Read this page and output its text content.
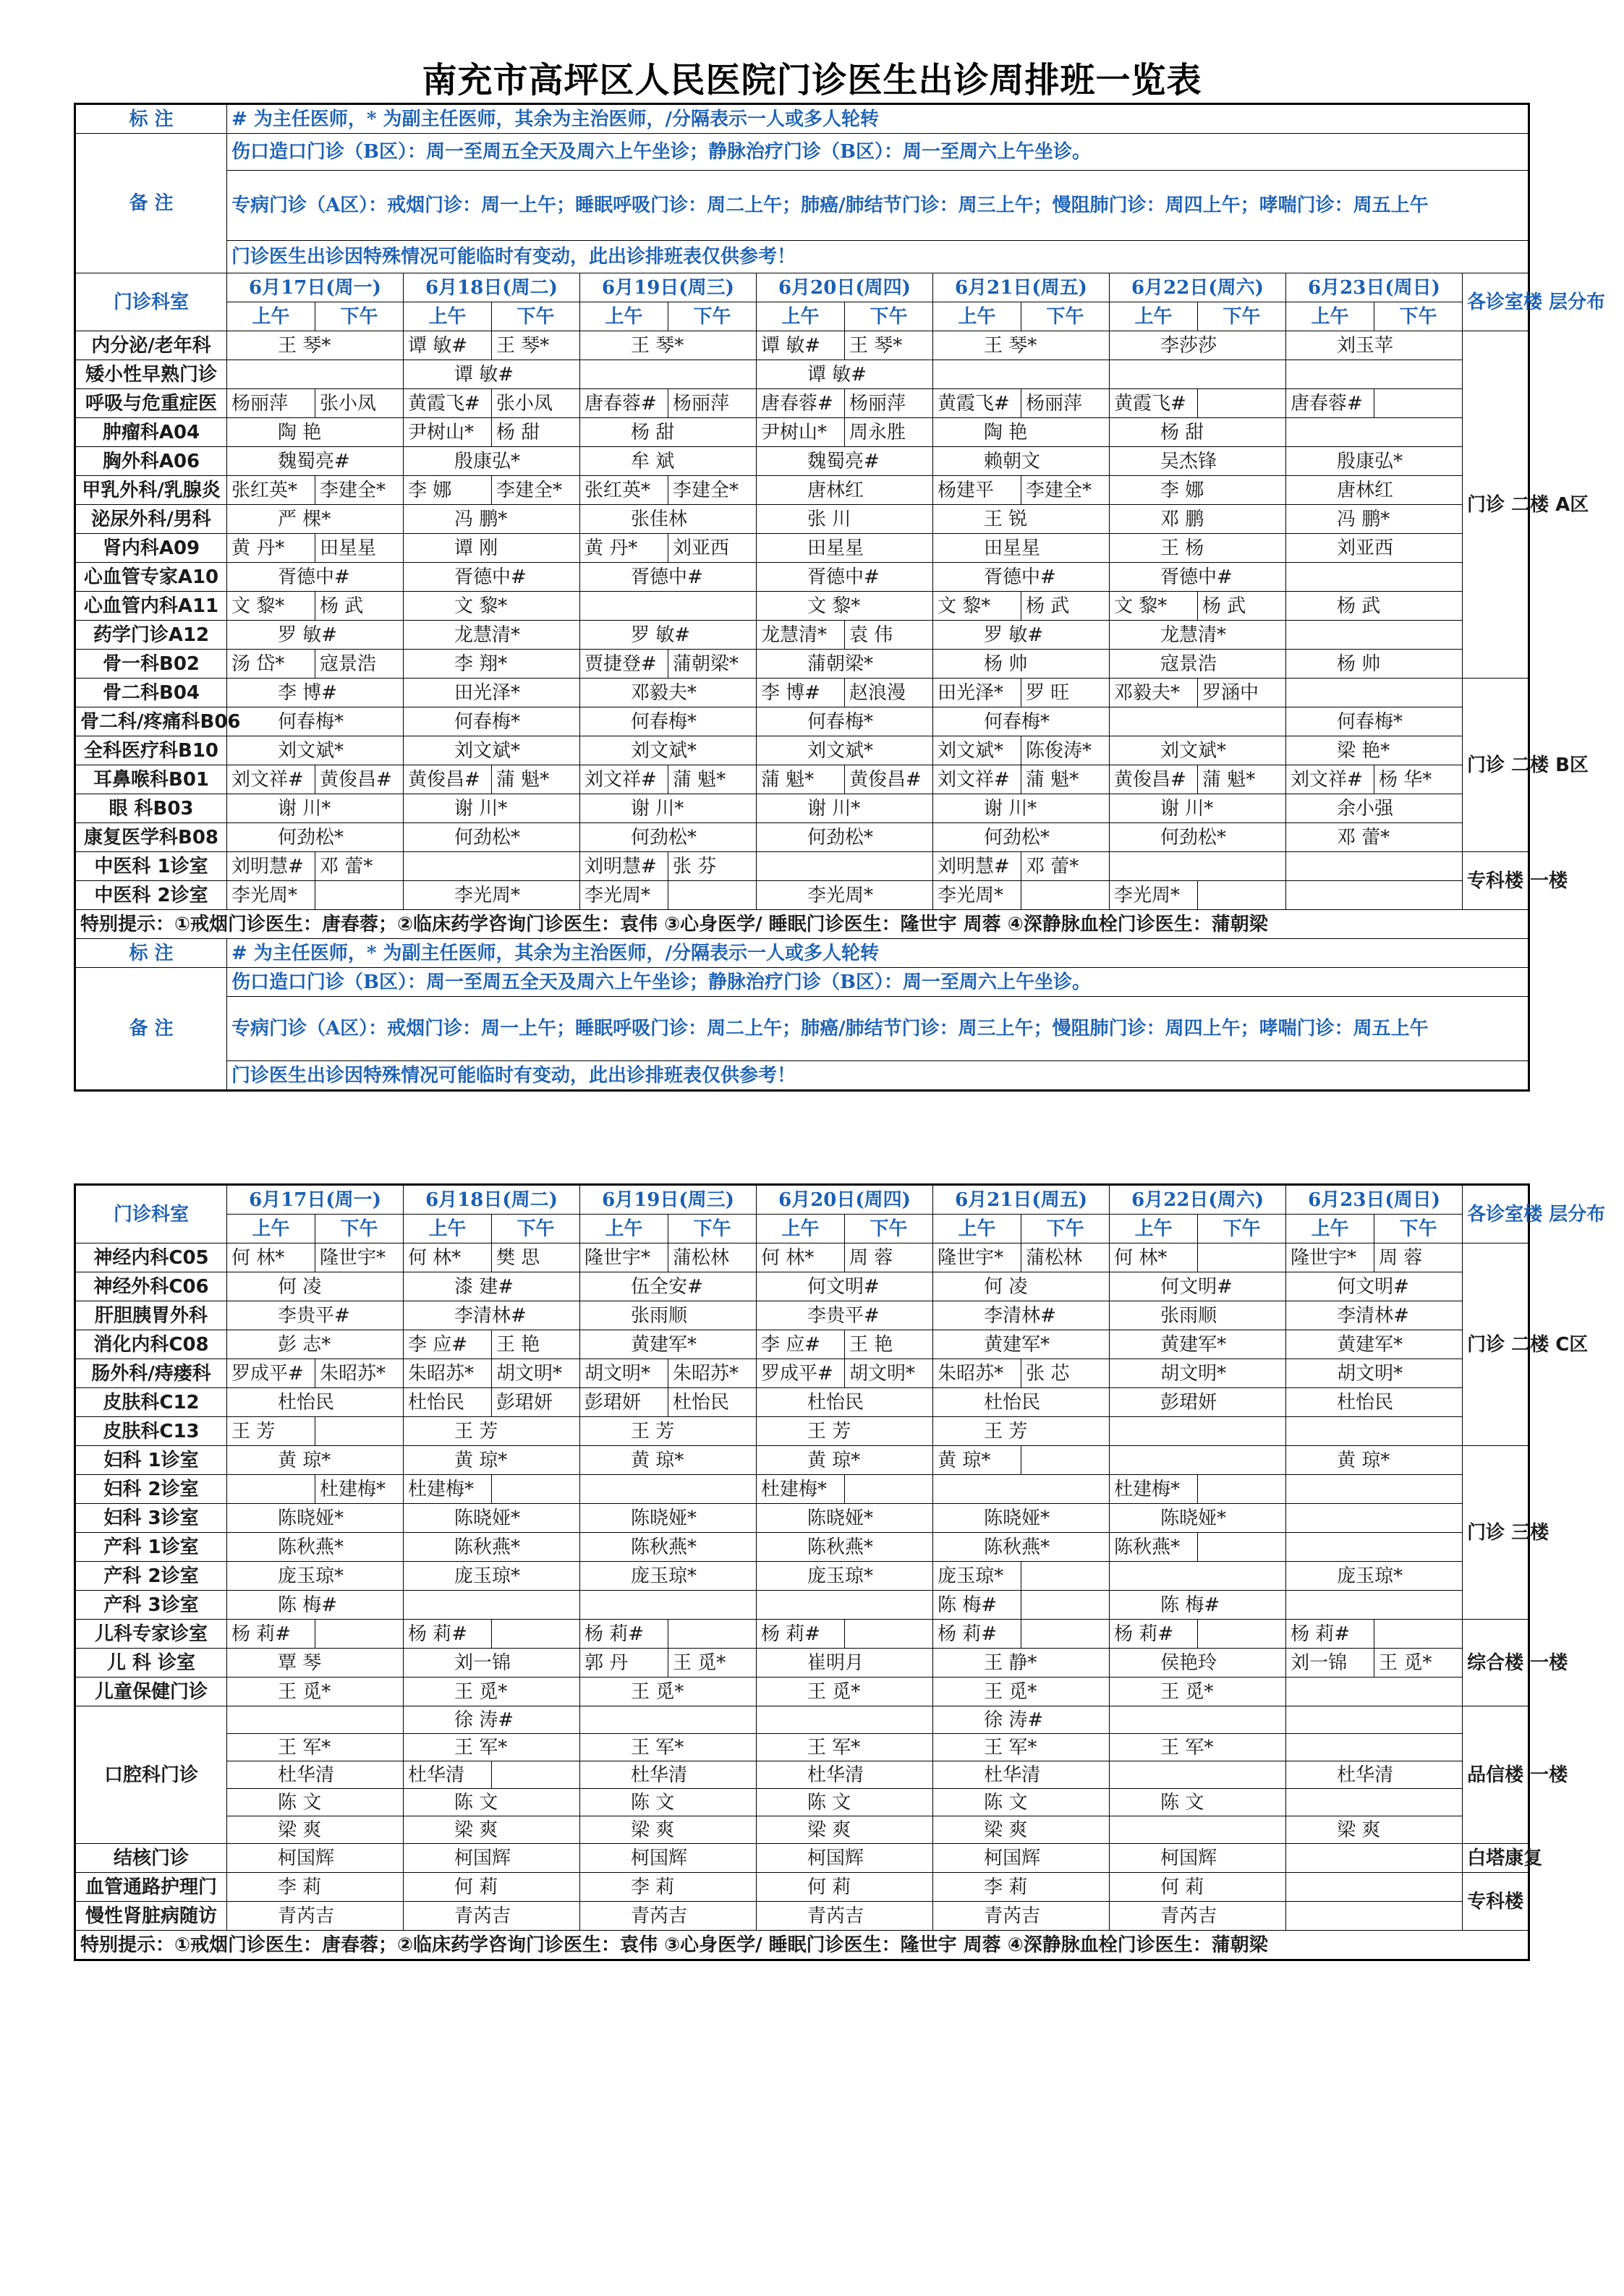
南充市高坪区人民医院门诊医生出诊周排班一览表
标 注	# 为主任医师，* 为副主任医师，其余为主治医师，/分隔表示一人或多人轮转														
备 注	伤口造口门诊（B区）：周一至周五全天及周六上午坐诊；静脉治疗门诊（B区）：周一至周六上午坐诊。														
	专病门诊（A区）：戒烟门诊：周一上午；睡眠呼吸门诊：周二上午；肺癌/肺结节门诊：周三上午；慢阻肺门诊：周四上午；哮喘门诊：周五上午														
	门诊医生出诊因特殊情况可能临时有变动，此出诊排班表仅供参考！														
门诊科室	6月17日(周一)		6月18日(周二)		6月19日(周三)		6月20日(周四)		6月21日(周五)		6月22日(周六)		6月23日(周日)		各诊室楼 层分布
	上午	下午	上午	下午	上午	下午	上午	下午	上午	下午	上午	下午	上午	下午	
内分泌/老年科	王 琴*		谭 敏#	王 琴*	王 琴*		谭 敏#	王 琴*	王 琴*		李莎莎		刘玉苹		门诊 二楼 A区
矮小性早熟门诊			谭 敏#				谭 敏#								
呼吸与危重症医	杨丽萍	张小凤	黄霞飞#	张小凤	唐春蓉#	杨丽萍	唐春蓉#	杨丽萍	黄霞飞#	杨丽萍	黄霞飞#		唐春蓉#		
肿瘤科A04	陶 艳		尹树山*	杨 甜	杨 甜		尹树山*	周永胜	陶 艳		杨 甜				
胸外科A06	魏蜀亮#		殷康弘*		牟 斌		魏蜀亮#		赖朝文		吴杰锋		殷康弘*		
甲乳外科/乳腺炎	张红英*	李建全*	李 娜	李建全*	张红英*	李建全*	唐林红		杨建平	李建全*	李 娜		唐林红		
泌尿外科/男科	严 棵*		冯 鹏*		张佳林		张 川		王 锐		邓 鹏		冯 鹏*		
肾内科A09	黄 丹*	田星星	谭 刚		黄 丹*	刘亚西	田星星		田星星		王 杨		刘亚西		
心血管专家A10	胥德中#		胥德中#		胥德中#		胥德中#		胥德中#		胥德中#				
心血管内科A11	文 黎*	杨 武	文 黎*				文 黎*		文 黎*	杨 武	文 黎*	杨 武	杨 武		
药学门诊A12	罗 敏#		龙慧清*		罗 敏#		龙慧清*	袁 伟	罗 敏#		龙慧清*				
骨一科B02	汤 岱*	寇景浩	李 翔*		贾捷登#	蒲朝梁*	蒲朝梁*		杨 帅		寇景浩		杨 帅		
骨二科B04	李 博#		田光泽*		邓毅夫*		李 博#	赵浪漫	田光泽*	罗 旺	邓毅夫*	罗涵中			门诊 二楼 B区
骨二科/疼痛科B06	何春梅*		何春梅*		何春梅*		何春梅*		何春梅*				何春梅*		
全科医疗科B10	刘文斌*		刘文斌*		刘文斌*		刘文斌*		刘文斌*	陈俊涛*	刘文斌*		梁 艳*		
耳鼻喉科B01	刘文祥#	黄俊昌#	黄俊昌#	蒲 魁*	刘文祥#	蒲 魁*	蒲 魁*	黄俊昌#	刘文祥#	蒲 魁*	黄俊昌#	蒲 魁*	刘文祥#	杨 华*	
眼 科B03	谢 川*		谢 川*		谢 川*		谢 川*		谢 川*		谢 川*		余小强		
康复医学科B08	何劲松*		何劲松*		何劲松*		何劲松*		何劲松*		何劲松*		邓 蕾*		
中医科 1诊室	刘明慧#	邓 蕾*			刘明慧#	张 芬			刘明慧#	邓 蕾*					专科楼 一楼
中医科 2诊室	李光周*		李光周*		李光周*		李光周*		李光周*		李光周*				
特别提示：①戒烟门诊医生：唐春蓉；②临床药学咨询门诊医生：袁伟 ③心身医学/ 睡眠门诊医生：隆世宇 周蓉 ④深静脉血栓门诊医生：蒲朝梁															
标 注	# 为主任医师，* 为副主任医师，其余为主治医师，/分隔表示一人或多人轮转														
备 注	伤口造口门诊（B区）：周一至周五全天及周六上午坐诊；静脉治疗门诊（B区）：周一至周六上午坐诊。														
	专病门诊（A区）：戒烟门诊：周一上午；睡眠呼吸门诊：周二上午；肺癌/肺结节门诊：周三上午；慢阻肺门诊：周四上午；哮喘门诊：周五上午														
	门诊医生出诊因特殊情况可能临时有变动，此出诊排班表仅供参考！														
门诊科室	6月17日(周一)		6月18日(周二)		6月19日(周三)		6月20日(周四)		6月21日(周五)		6月22日(周六)		6月23日(周日)		各诊室楼 层分布
	上午	下午	上午	下午	上午	下午	上午	下午	上午	下午	上午	下午	上午	下午	
神经内科C05	何 林*	隆世宇*	何 林*	樊 思	隆世宇*	蒲松林	何 林*	周 蓉	隆世宇*	蒲松林	何 林*		隆世宇*	周 蓉	门诊 二楼 C区
神经外科C06	何 凌		漆 建#		伍全安#		何文明#		何 凌		何文明#		何文明#		
肝胆胰胃外科	李贵平#		李清林#		张雨顺		李贵平#		李清林#		张雨顺		李清林#		
消化内科C08	彭 志*		李 应#	王 艳	黄建军*		李 应#	王 艳	黄建军*		黄建军*		黄建军*		
肠外科/痔瘘科	罗成平#	朱昭苏*	朱昭苏*	胡文明*	胡文明*	朱昭苏*	罗成平#	胡文明*	朱昭苏*	张 芯	胡文明*		胡文明*		
皮肤科C12	杜怡民		杜怡民	彭珺妍	彭珺妍	杜怡民	杜怡民		杜怡民		彭珺妍		杜怡民		
皮肤科C13	王 芳		王 芳		王 芳		王 芳		王 芳						
妇科 1诊室	黄 琼*		黄 琼*		黄 琼*		黄 琼*		黄 琼*				黄 琼*		门诊 三楼
妇科 2诊室		杜建梅*	杜建梅*				杜建梅*				杜建梅*				
妇科 3诊室	陈晓娅*		陈晓娅*		陈晓娅*		陈晓娅*		陈晓娅*		陈晓娅*				
产科 1诊室	陈秋燕*		陈秋燕*		陈秋燕*		陈秋燕*		陈秋燕*		陈秋燕*				
产科 2诊室	庞玉琼*		庞玉琼*		庞玉琼*		庞玉琼*		庞玉琼*				庞玉琼*		
产科 3诊室	陈 梅#								陈 梅#		陈 梅#				
儿科专家诊室	杨 莉#		杨 莉#		杨 莉#		杨 莉#		杨 莉#		杨 莉#		杨 莉#		综合楼 一楼
儿 科 诊室	覃 琴		刘一锦		郭 丹	王 觅*	崔明月		王 静*		侯艳玲		刘一锦	王 觅*	
儿童保健门诊	王 觅*		王 觅*		王 觅*		王 觅*		王 觅*		王 觅*				
口腔科门诊			徐 涛#						徐 涛#						品信楼 一楼
	王 军*		王 军*		王 军*		王 军*		王 军*		王 军*				
	杜华清		杜华清		杜华清		杜华清		杜华清				杜华清		
	陈 文		陈 文		陈 文		陈 文		陈 文		陈 文				
	梁 爽		梁 爽		梁 爽		梁 爽		梁 爽				梁 爽		
结核门诊	柯国辉		柯国辉		柯国辉		柯国辉		柯国辉		柯国辉				白塔康复
血管通路护理门	李 莉		何 莉		李 莉		何 莉		李 莉		何 莉				专科楼
慢性肾脏病随访	青芮吉		青芮吉		青芮吉		青芮吉		青芮吉		青芮吉				
特别提示：①戒烟门诊医生：唐春蓉；②临床药学咨询门诊医生：袁伟 ③心身医学/ 睡眠门诊医生：隆世宇 周蓉 ④深静脉血栓门诊医生：蒲朝梁															
